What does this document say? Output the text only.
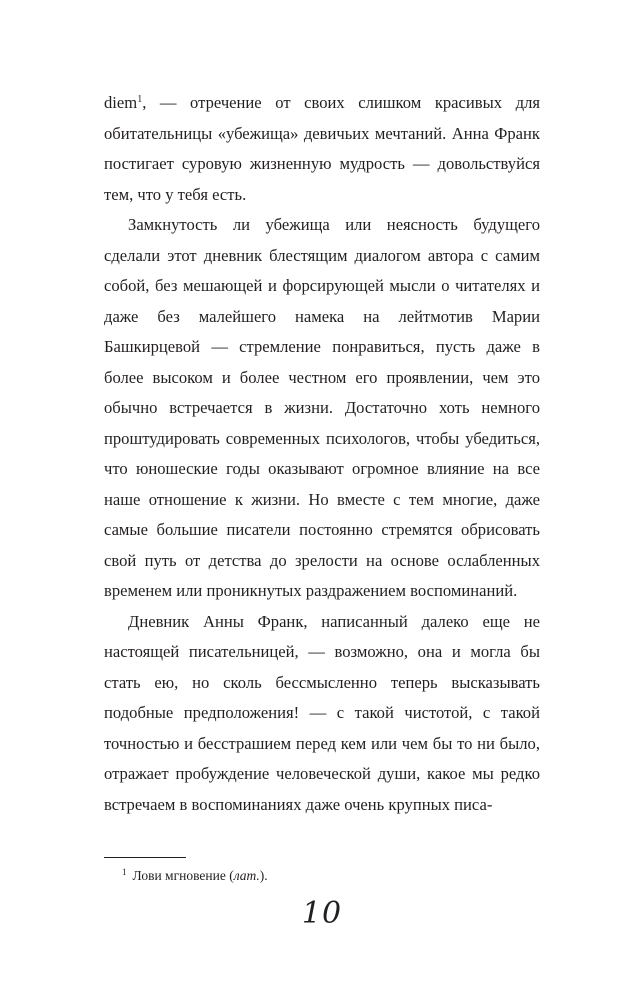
diem$^1$, — отречение от своих слишком красивых для обитательницы «убежища» девичьих мечтаний. Анна Франк постигает суровую жизненную мудрость — довольствуйся тем, что у тебя есть.

Замкнутость ли убежища или неясность будущего сделали этот дневник блестящим диалогом автора с самим собой, без мешающей и форсирующей мысли о читателях и даже без малейшего намека на лейтмотив Марии Башкирцевой — стремление понравиться, пусть даже в более высоком и более честном его проявлении, чем это обычно встречается в жизни. Достаточно хоть немного проштудировать современных психологов, чтобы убедиться, что юношеские годы оказывают огромное влияние на все наше отношение к жизни. Но вместе с тем многие, даже самые большие писатели постоянно стремятся обрисовать свой путь от детства до зрелости на основе ослабленных временем или проникнутых раздражением воспоминаний.

Дневник Анны Франк, написанный далеко еще не настоящей писательницей, — возможно, она и могла бы стать ею, но сколь бессмысленно теперь высказывать подобные предположения! — с такой чистотой, с такой точностью и бесстрашием перед кем или чем бы то ни было, отражает пробуждение человеческой души, какое мы редко встречаем в воспоминаниях даже очень крупных писа-

$^1$ Лови мгновение (лат.).
10
